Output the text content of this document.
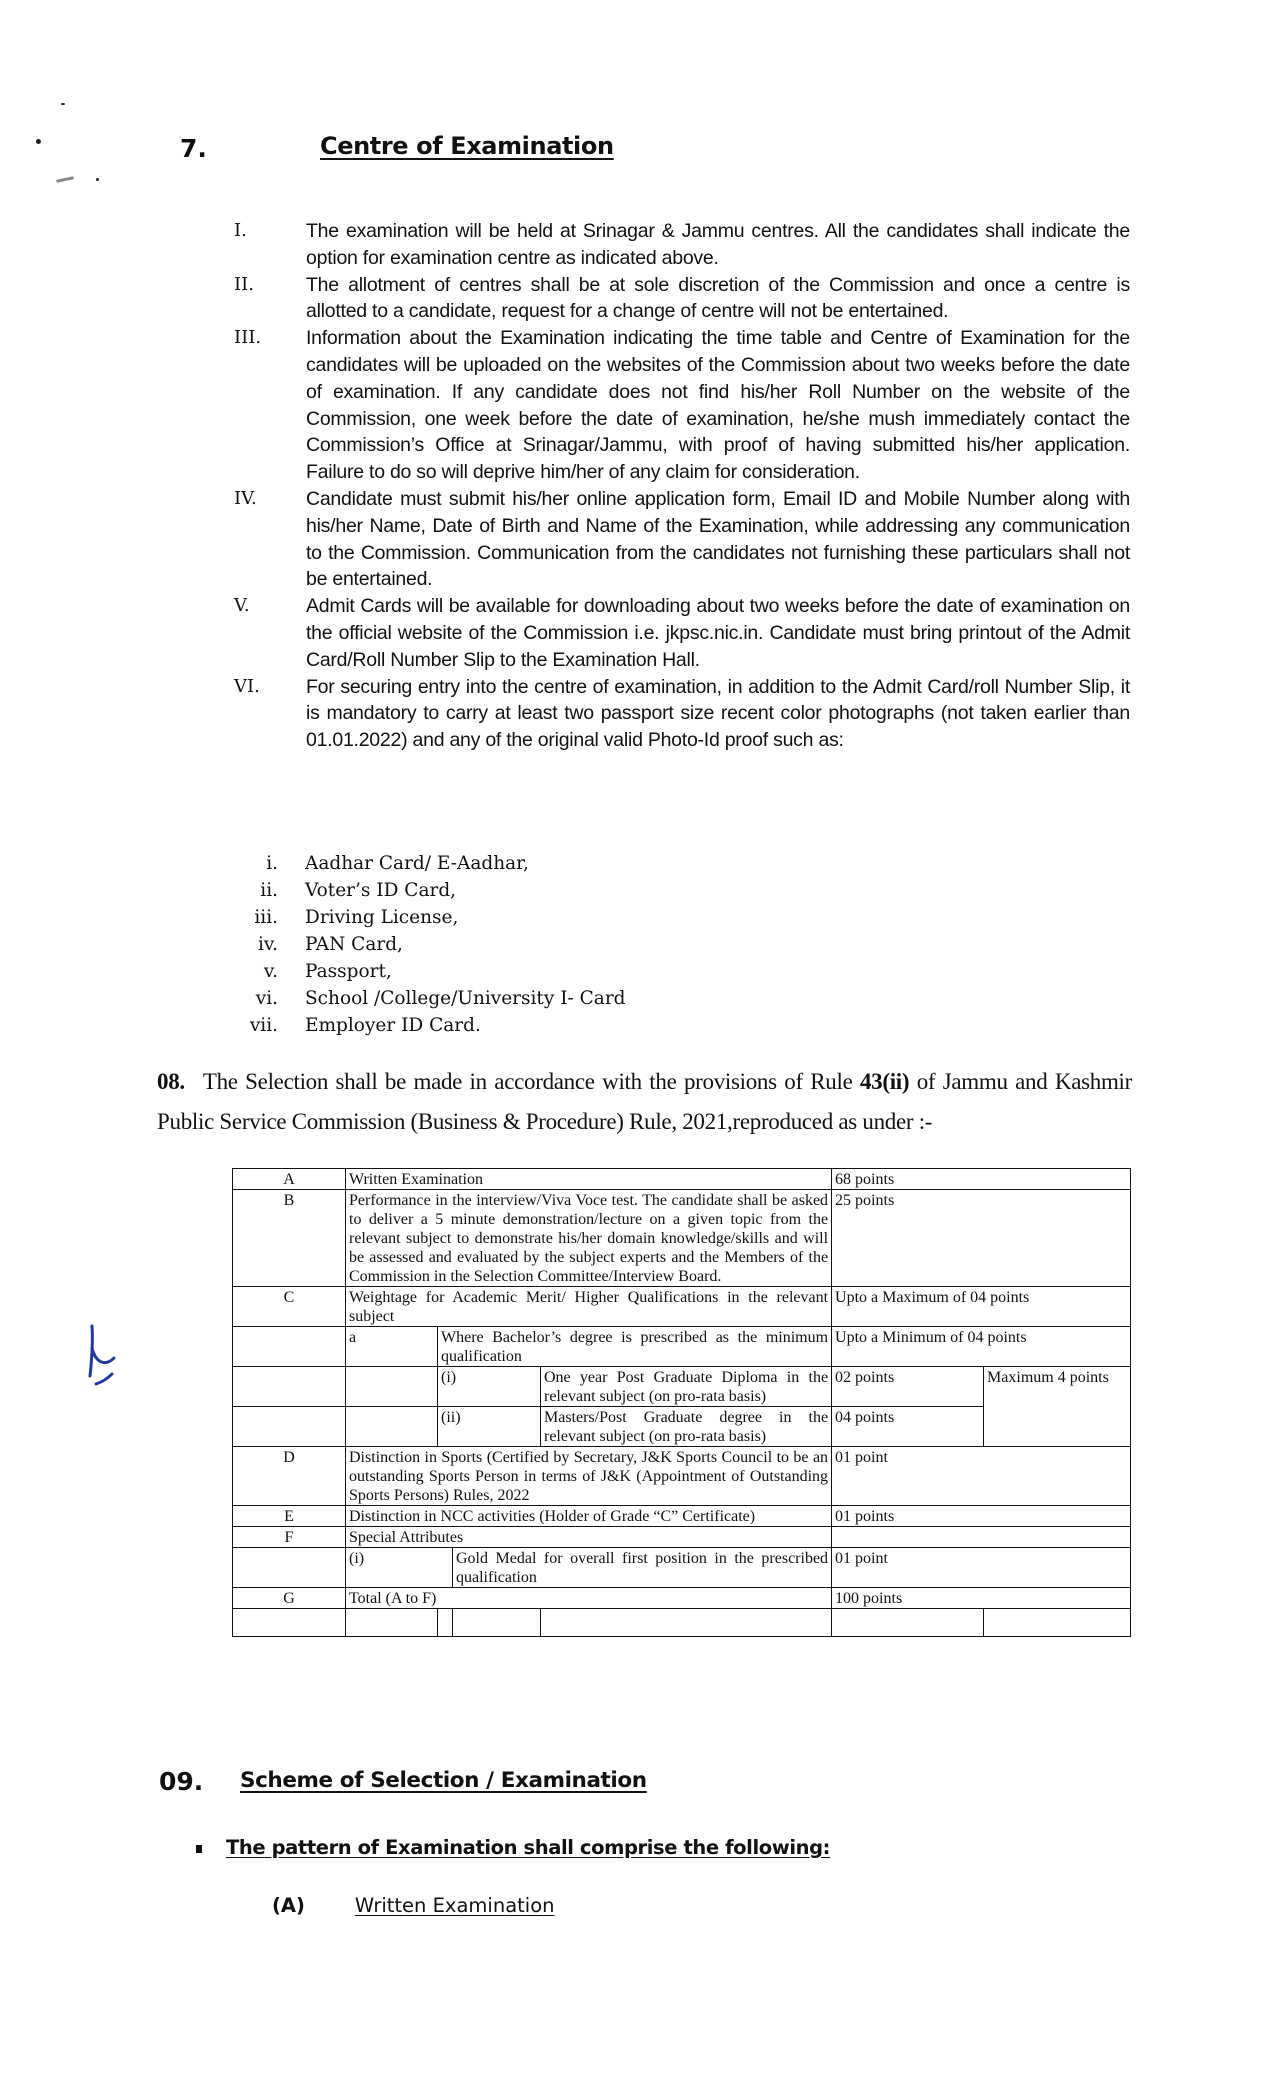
7.	Centre of Examination
I.	The examination will be held at Srinagar & Jammu centres. All the candidates shall indicate the option for examination centre as indicated above.
II.	The allotment of centres shall be at sole discretion of the Commission and once a centre is allotted to a candidate, request for a change of centre will not be entertained.
III.	Information about the Examination indicating the time table and Centre of Examination for the candidates will be uploaded on the websites of the Commission about two weeks before the date of examination. If any candidate does not find his/her Roll Number on the website of the Commission, one week before the date of examination, he/she mush immediately contact the Commission’s Office at Srinagar/Jammu, with proof of having submitted his/her application. Failure to do so will deprive him/her of any claim for consideration.
IV.	Candidate must submit his/her online application form, Email ID and Mobile Number along with his/her Name, Date of Birth and Name of the Examination, while addressing any communication to the Commission. Communication from the candidates not furnishing these particulars shall not be entertained.
V.	Admit Cards will be available for downloading about two weeks before the date of examination on the official website of the Commission i.e. jkpsc.nic.in. Candidate must bring printout of the Admit Card/Roll Number Slip to the Examination Hall.
VI.	For securing entry into the centre of examination, in addition to the Admit Card/roll Number Slip, it is mandatory to carry at least two passport size recent color photographs (not taken earlier than 01.01.2022) and any of the original valid Photo-Id proof such as:
i.	Aadhar Card/ E-Aadhar,
ii.	Voter’s ID Card,
iii.	Driving License,
iv.	PAN Card,
v.	Passport,
vi.	School /College/University I- Card
vii.	Employer ID Card.
08. The Selection shall be made in accordance with the provisions of Rule 43(ii) of Jammu and Kashmir Public Service Commission (Business & Procedure) Rule, 2021,reproduced as under :-
A	Written Examination				68 points	
B	Performance in the interview/Viva Voce test. The candidate shall be asked to deliver a 5 minute demonstration/lecture on a given topic from the relevant subject to demonstrate his/her domain knowledge/skills and will be assessed and evaluated by the subject experts and the Members of the Commission in the Selection Committee/Interview Board.				25 points	
C	Weightage for Academic Merit/ Higher Qualifications in the relevant subject				Upto a Maximum of 04 points	
	a	Where Bachelor’s degree is prescribed as the minimum qualification			Upto a Minimum of 04 points	
		(i)		One year Post Graduate Diploma in the relevant subject (on pro-rata basis)	02 points	Maximum 4 points
		(ii)		Masters/Post Graduate degree in the relevant subject (on pro-rata basis)	04 points	
D	Distinction in Sports (Certified by Secretary, J&K Sports Council to be an outstanding Sports Person in terms of J&K (Appointment of Outstanding Sports Persons) Rules, 2022				01 point	
E	Distinction in NCC activities (Holder of Grade “C” Certificate)				01 points	
F	Special Attributes					
	(i)		Gold Medal for overall first position in the prescribed qualification		01 point	
G	Total (A to F)				100 points	

09. Scheme of Selection / Examination
The pattern of Examination shall comprise the following:
(A)	Written Examination
